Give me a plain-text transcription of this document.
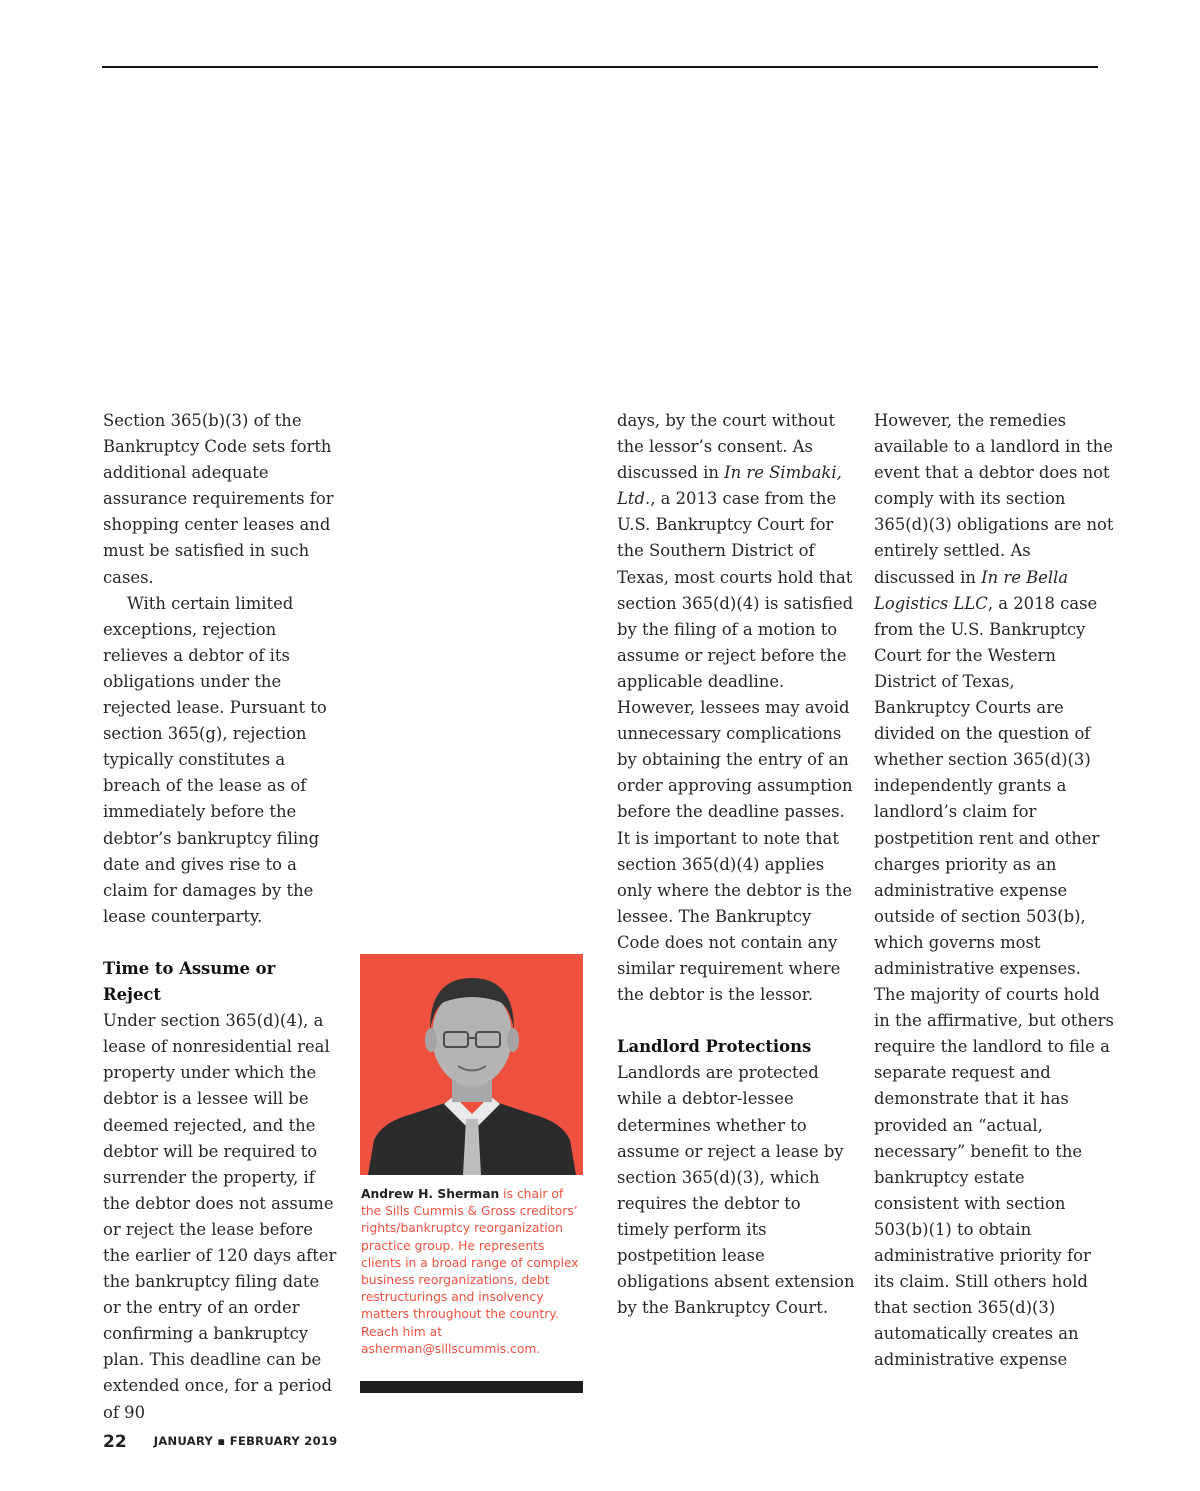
Section 365(b)(3) of the Bankruptcy Code sets forth additional adequate assurance requirements for shopping center leases and must be satisfied in such cases.

With certain limited exceptions, rejection relieves a debtor of its obligations under the rejected lease. Pursuant to section 365(g), rejection typically constitutes a breach of the lease as of immediately before the debtor’s bankruptcy filing date and gives rise to a claim for damages by the lease counterparty.

Time to Assume or Reject

Under section 365(d)(4), a lease of nonresidential real property under which the debtor is a lessee will be deemed rejected, and the debtor will be required to surrender the property, if the debtor does not assume or reject the lease before the earlier of 120 days after the bankruptcy filing date or the entry of an order confirming a bankruptcy plan. This deadline can be extended once, for a period of 90

Andrew H. Sherman is chair of the Sills Cummis & Gross creditors’ rights/bankruptcy reorganization practice group. He represents clients in a broad range of complex business reorganizations, debt restructurings and insolvency matters throughout the country. Reach him at asherman@sillscummis.com.

days, by the court without the lessor’s consent. As discussed in In re Simbaki, Ltd., a 2013 case from the U.S. Bankruptcy Court for the Southern District of Texas, most courts hold that section 365(d)(4) is satisfied by the filing of a motion to assume or reject before the applicable deadline. However, lessees may avoid unnecessary complications by obtaining the entry of an order approving assumption before the deadline passes. It is important to note that section 365(d)(4) applies only where the debtor is the lessee. The Bankruptcy Code does not contain any similar requirement where the debtor is the lessor.

Landlord Protections

Landlords are protected while a debtor-lessee determines whether to assume or reject a lease by section 365(d)(3), which requires the debtor to timely perform its postpetition lease obligations absent extension by the Bankruptcy Court.

However, the remedies available to a landlord in the event that a debtor does not comply with its section 365(d)(3) obligations are not entirely settled. As discussed in In re Bella Logistics LLC, a 2018 case from the U.S. Bankruptcy Court for the Western District of Texas, Bankruptcy Courts are divided on the question of whether section 365(d)(3) independently grants a landlord’s claim for postpetition rent and other charges priority as an administrative expense outside of section 503(b), which governs most administrative expenses. The majority of courts hold in the affirmative, but others require the landlord to file a separate request and demonstrate that it has provided an “actual, necessary” benefit to the bankruptcy estate consistent with section 503(b)(1) to obtain administrative priority for its claim. Still others hold that section 365(d)(3) automatically creates an administrative expense

22 JANUARY ▪ FEBRUARY 2019
